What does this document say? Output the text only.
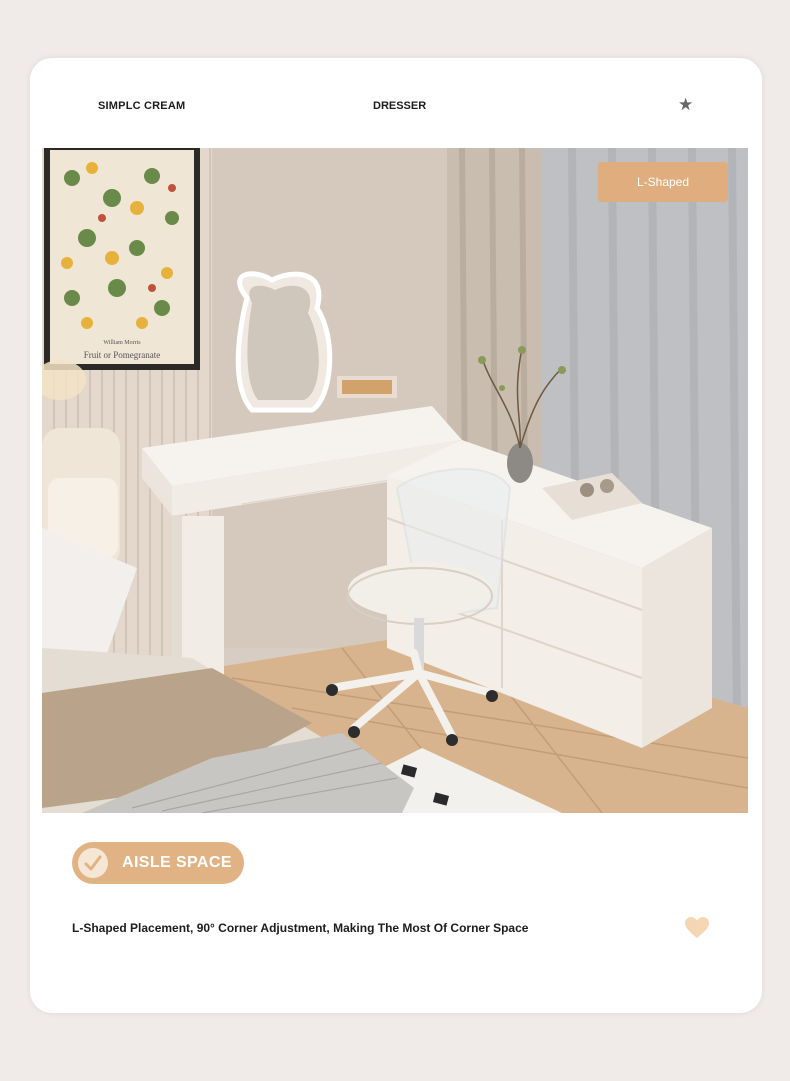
SIMPLC CREAM	DRESSER	★
William Morris
Fruit or Pomegranate
L-Shaped
AISLE SPACE
L-Shaped Placement, 90° Corner Adjustment, Making The Most Of Corner Space
